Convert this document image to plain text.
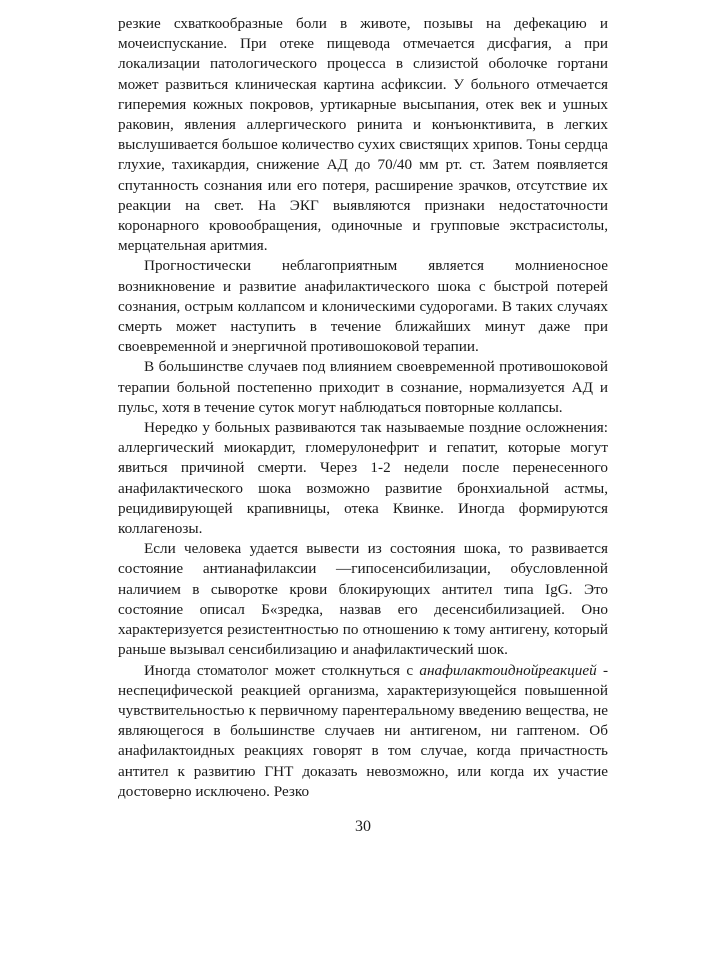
резкие схваткообразные боли в животе, позывы на дефекацию и мочеиспускание. При отеке пищевода отмечается дисфагия, а при локализации патологического процесса в слизистой оболочке гортани может развиться клиническая картина асфиксии. У больного отмечается гиперемия кожных покровов, уртикарные высыпания, отек век и ушных раковин, явления аллергического ринита и конъюнктивита, в легких выслушивается большое количество сухих свистящих хрипов. Тоны сердца глухие, тахикардия, снижение АД до 70/40 мм рт. ст. Затем появляется спутанность сознания или его потеря, расширение зрачков, отсутствие их реакции на свет. На ЭКГ выявляются признаки недостаточности коронарного кровообращения, одиночные и групповые экстрасистолы, мерцательная аритмия.

Прогностически неблагоприятным является молниеносное возникновение и развитие анафилактического шока с быстрой потерей сознания, острым коллапсом и клоническими судорогами. В таких случаях смерть может наступить в течение ближайших минут даже при своевременной и энергичной противошоковой терапии.

В большинстве случаев под влиянием своевременной противошоковой терапии больной постепенно приходит в сознание, нормализуется АД и пульс, хотя в течение суток могут наблюдаться повторные коллапсы.

Нередко у больных развиваются так называемые поздние осложнения: аллергический миокардит, гломерулонефрит и гепатит, которые могут явиться причиной смерти. Через 1-2 недели после перенесенного анафилактического шока возможно развитие бронхиальной астмы, рецидивирующей крапивницы, отека Квинке. Иногда формируются коллагенозы.

Если человека удается вывести из состояния шока, то развивается состояние антианафилаксии —гипосенсибилизации, обусловленной наличием в сыворотке крови блокирующих антител типа IgG. Это состояние описал Б«зредка, назвав его десенсибилизацией. Оно характеризуется резистентностью по отношению к тому антигену, который раньше вызывал сенсибилизацию и анафилактический шок.

Иногда стоматолог может столкнуться с анафилактоиднойреакцией - неспецифической реакцией организма, характеризующейся повышенной чувствительностью к первичному парентеральному введению вещества, не являющегося в большинстве случаев ни антигеном, ни гаптеном. Об анафилактоидных реакциях говорят в том случае, когда причастность антител к развитию ГНТ доказать невозможно, или когда их участие достоверно исключено. Резко

30
